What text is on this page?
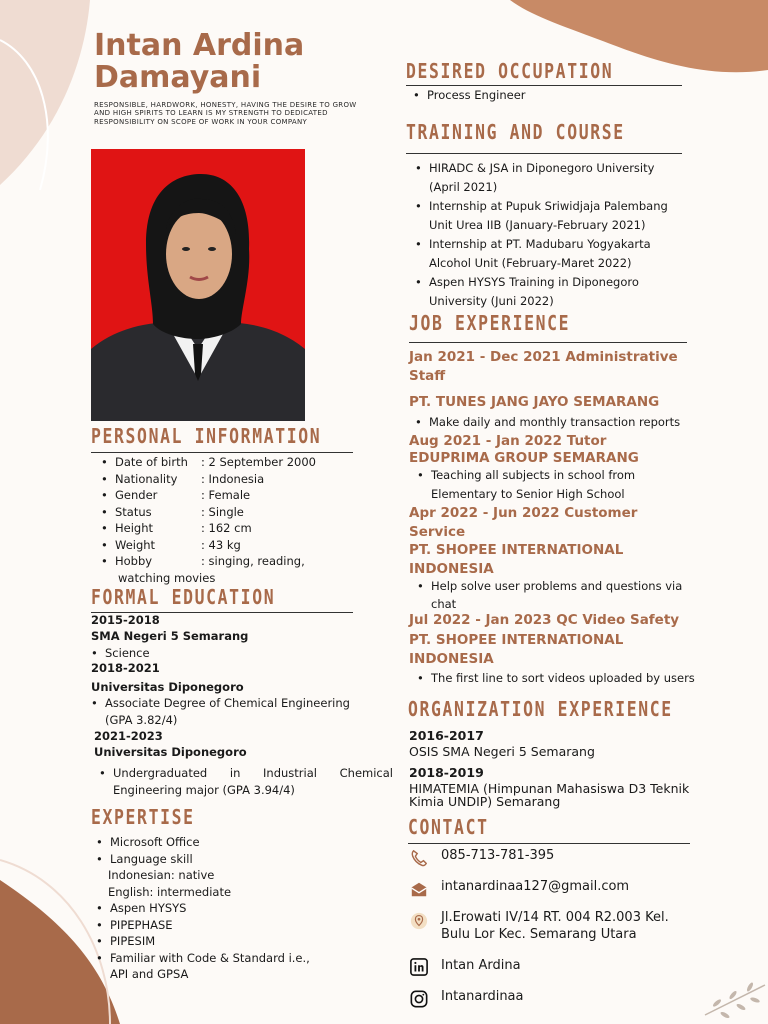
Intan Ardina
Damayani
RESPONSIBLE, HARDWORK, HONESTY, HAVING THE DESIRE TO GROW AND HIGH SPIRITS TO LEARN IS MY STRENGTH TO DEDICATED RESPONSIBILITY ON SCOPE OF WORK IN YOUR COMPANY
PERSONAL INFORMATION
• Date of birth : 2 September 2000
• Nationality : Indonesia
• Gender	: Female
• Status	: Single
• Height	: 162 cm
• Weight	: 43 kg
• Hobby	: singing, reading,
watching movies
FORMAL EDUCATION
2015-2018
SMA Negeri 5 Semarang
• Science
2018-2021
Universitas Diponegoro
• Associate Degree of Chemical Engineering
(GPA 3.82/4)
2021-2023
Universitas Diponegoro
• Undergraduated in Industrial Chemical
Engineering major (GPA 3.94/4)
EXPERTISE
• Microsoft Office
• Language skill
Indonesian: native
English: intermediate
• Aspen HYSYS
• PIPEPHASE
• PIPESIM
• Familiar with Code & Standard i.e.,
API and GPSA
DESIRED OCCUPATION
• Process Engineer
TRAINING AND COURSE
• HIRADC & JSA in Diponegoro University
(April 2021)
• Internship at Pupuk Sriwidjaja Palembang
Unit Urea IIB (January-February 2021)
• Internship at PT. Madubaru Yogyakarta
Alcohol Unit (February-Maret 2022)
• Aspen HYSYS Training in Diponegoro
University (Juni 2022)
JOB EXPERIENCE
Jan 2021 - Dec 2021 Administrative
Staff
PT. TUNES JANG JAYO SEMARANG
• Make daily and monthly transaction reports
Aug 2021 - Jan 2022 Tutor
EDUPRIMA GROUP SEMARANG
• Teaching all subjects in school from
Elementary to Senior High School
Apr 2022 - Jun 2022 Customer
Service
PT. SHOPEE INTERNATIONAL
INDONESIA
• Help solve user problems and questions via
chat
Jul 2022 - Jan 2023 QC Video Safety
PT. SHOPEE INTERNATIONAL
INDONESIA
• The first line to sort videos uploaded by users
ORGANIZATION EXPERIENCE
2016-2017
OSIS SMA Negeri 5 Semarang
2018-2019
HIMATEMIA (Himpunan Mahasiswa D3 Teknik
Kimia UNDIP) Semarang
CONTACT
085-713-781-395
intanardinaa127@gmail.com
Jl.Erowati IV/14 RT. 004 R2.003 Kel.
Bulu Lor Kec. Semarang Utara
Intan Ardina
Intanardinaa
